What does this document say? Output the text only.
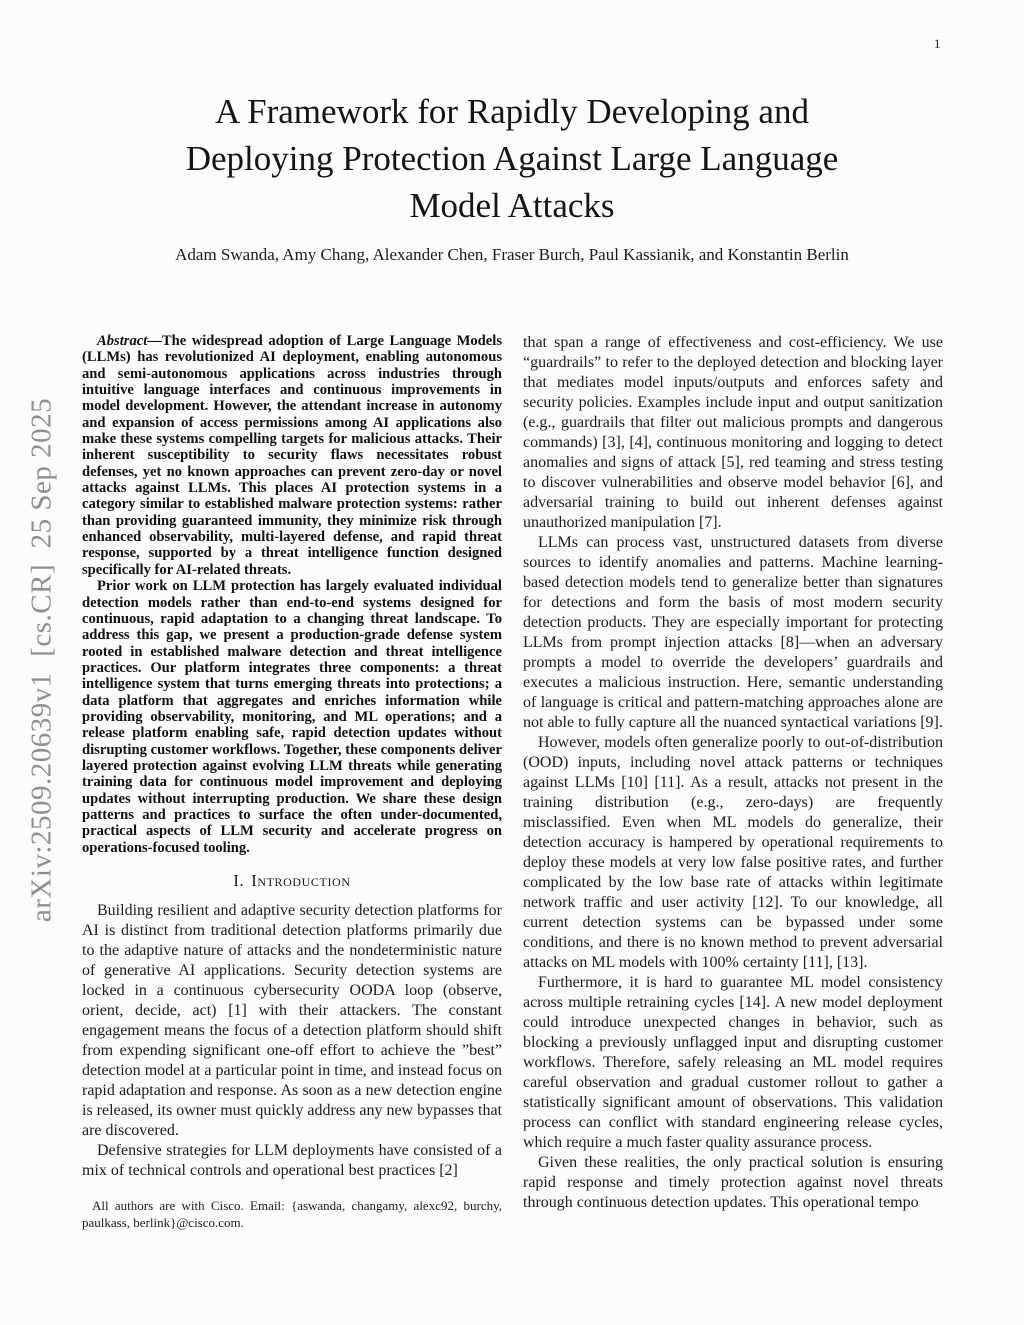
1
arXiv:2509.20639v1  [cs.CR]  25 Sep 2025
A Framework for Rapidly Developing and
Deploying Protection Against Large Language
Model Attacks
Adam Swanda, Amy Chang, Alexander Chen, Fraser Burch, Paul Kassianik, and Konstantin Berlin

Abstract—The widespread adoption of Large Language Models (LLMs) has revolutionized AI deployment, enabling autonomous and semi-autonomous applications across industries through intuitive language interfaces and continuous improvements in model development. However, the attendant increase in autonomy and expansion of access permissions among AI applications also make these systems compelling targets for malicious attacks. Their inherent susceptibility to security flaws necessitates robust defenses, yet no known approaches can prevent zero-day or novel attacks against LLMs. This places AI protection systems in a category similar to established malware protection systems: rather than providing guaranteed immunity, they minimize risk through enhanced observability, multi-layered defense, and rapid threat response, supported by a threat intelligence function designed specifically for AI-related threats.

Prior work on LLM protection has largely evaluated individual detection models rather than end-to-end systems designed for continuous, rapid adaptation to a changing threat landscape. To address this gap, we present a production-grade defense system rooted in established malware detection and threat intelligence practices. Our platform integrates three components: a threat intelligence system that turns emerging threats into protections; a data platform that aggregates and enriches information while providing observability, monitoring, and ML operations; and a release platform enabling safe, rapid detection updates without disrupting customer workflows. Together, these components deliver layered protection against evolving LLM threats while generating training data for continuous model improvement and deploying updates without interrupting production. We share these design patterns and practices to surface the often under-documented, practical aspects of LLM security and accelerate progress on operations-focused tooling.

I. Introduction

Building resilient and adaptive security detection platforms for AI is distinct from traditional detection platforms primarily due to the adaptive nature of attacks and the nondeterministic nature of generative AI applications. Security detection systems are locked in a continuous cybersecurity OODA loop (observe, orient, decide, act) [1] with their attackers. The constant engagement means the focus of a detection platform should shift from expending significant one-off effort to achieve the ”best” detection model at a particular point in time, and instead focus on rapid adaptation and response. As soon as a new detection engine is released, its owner must quickly address any new bypasses that are discovered.

Defensive strategies for LLM deployments have consisted of a mix of technical controls and operational best practices [2]

All authors are with Cisco. Email: {aswanda, changamy, alexc92, burchy, paulkass, berlink}@cisco.com.

that span a range of effectiveness and cost-efficiency. We use “guardrails” to refer to the deployed detection and blocking layer that mediates model inputs/outputs and enforces safety and security policies. Examples include input and output sanitization (e.g., guardrails that filter out malicious prompts and dangerous commands) [3], [4], continuous monitoring and logging to detect anomalies and signs of attack [5], red teaming and stress testing to discover vulnerabilities and observe model behavior [6], and adversarial training to build out inherent defenses against unauthorized manipulation [7].

LLMs can process vast, unstructured datasets from diverse sources to identify anomalies and patterns. Machine learning-based detection models tend to generalize better than signatures for detections and form the basis of most modern security detection products. They are especially important for protecting LLMs from prompt injection attacks [8]—when an adversary prompts a model to override the developers’ guardrails and executes a malicious instruction. Here, semantic understanding of language is critical and pattern-matching approaches alone are not able to fully capture all the nuanced syntactical variations [9].

However, models often generalize poorly to out-of-distribution (OOD) inputs, including novel attack patterns or techniques against LLMs [10] [11]. As a result, attacks not present in the training distribution (e.g., zero-days) are frequently misclassified. Even when ML models do generalize, their detection accuracy is hampered by operational requirements to deploy these models at very low false positive rates, and further complicated by the low base rate of attacks within legitimate network traffic and user activity [12]. To our knowledge, all current detection systems can be bypassed under some conditions, and there is no known method to prevent adversarial attacks on ML models with 100% certainty [11], [13].

Furthermore, it is hard to guarantee ML model consistency across multiple retraining cycles [14]. A new model deployment could introduce unexpected changes in behavior, such as blocking a previously unflagged input and disrupting customer workflows. Therefore, safely releasing an ML model requires careful observation and gradual customer rollout to gather a statistically significant amount of observations. This validation process can conflict with standard engineering release cycles, which require a much faster quality assurance process.

Given these realities, the only practical solution is ensuring rapid response and timely protection against novel threats through continuous detection updates. This operational tempo
